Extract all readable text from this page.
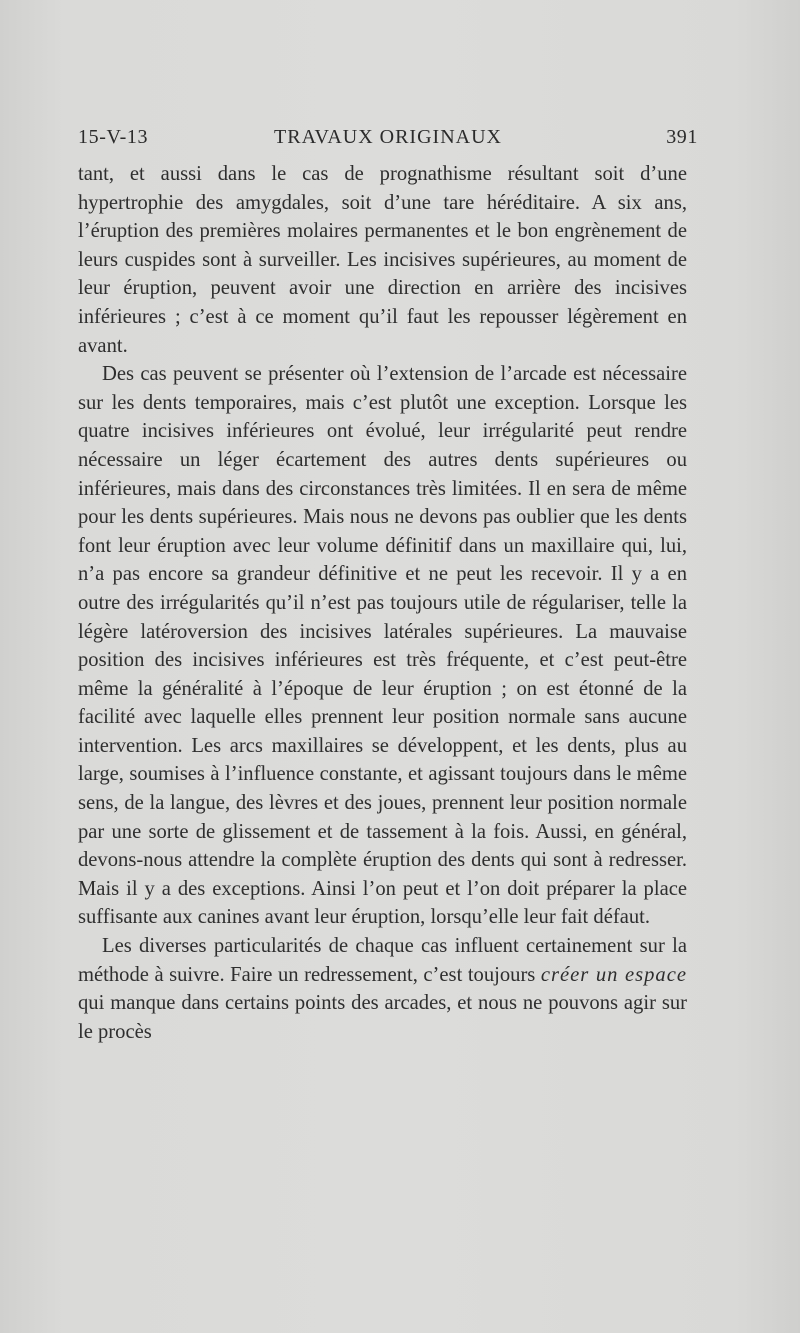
15-V-13	TRAVAUX ORIGINAUX	391

tant, et aussi dans le cas de prognathisme résultant soit d’une hypertrophie des amygdales, soit d’une tare héréditaire. A six ans, l’éruption des premières molaires permanentes et le bon engrènement de leurs cuspides sont à surveiller. Les incisives supérieures, au moment de leur éruption, peuvent avoir une direction en arrière des incisives inférieures ; c’est à ce moment qu’il faut les repousser légèrement en avant.

Des cas peuvent se présenter où l’extension de l’arcade est nécessaire sur les dents temporaires, mais c’est plutôt une exception. Lorsque les quatre incisives inférieures ont évolué, leur irrégularité peut rendre nécessaire un léger écartement des autres dents supérieures ou inférieures, mais dans des circonstances très limitées. Il en sera de même pour les dents supérieures. Mais nous ne devons pas oublier que les dents font leur éruption avec leur volume définitif dans un maxillaire qui, lui, n’a pas encore sa grandeur définitive et ne peut les recevoir. Il y a en outre des irrégularités qu’il n’est pas toujours utile de régulariser, telle la légère latéroversion des incisives latérales supérieures. La mauvaise position des incisives inférieures est très fréquente, et c’est peut-être même la généralité à l’époque de leur éruption ; on est étonné de la facilité avec laquelle elles prennent leur position normale sans aucune intervention. Les arcs maxillaires se développent, et les dents, plus au large, soumises à l’influence constante, et agissant toujours dans le même sens, de la langue, des lèvres et des joues, prennent leur position normale par une sorte de glissement et de tassement à la fois. Aussi, en général, devons-nous attendre la complète éruption des dents qui sont à redresser. Mais il y a des exceptions. Ainsi l’on peut et l’on doit préparer la place suffisante aux canines avant leur éruption, lorsqu’elle leur fait défaut.

Les diverses particularités de chaque cas influent certainement sur la méthode à suivre. Faire un redressement, c’est toujours créer un espace qui manque dans certains points des arcades, et nous ne pouvons agir sur le procès
